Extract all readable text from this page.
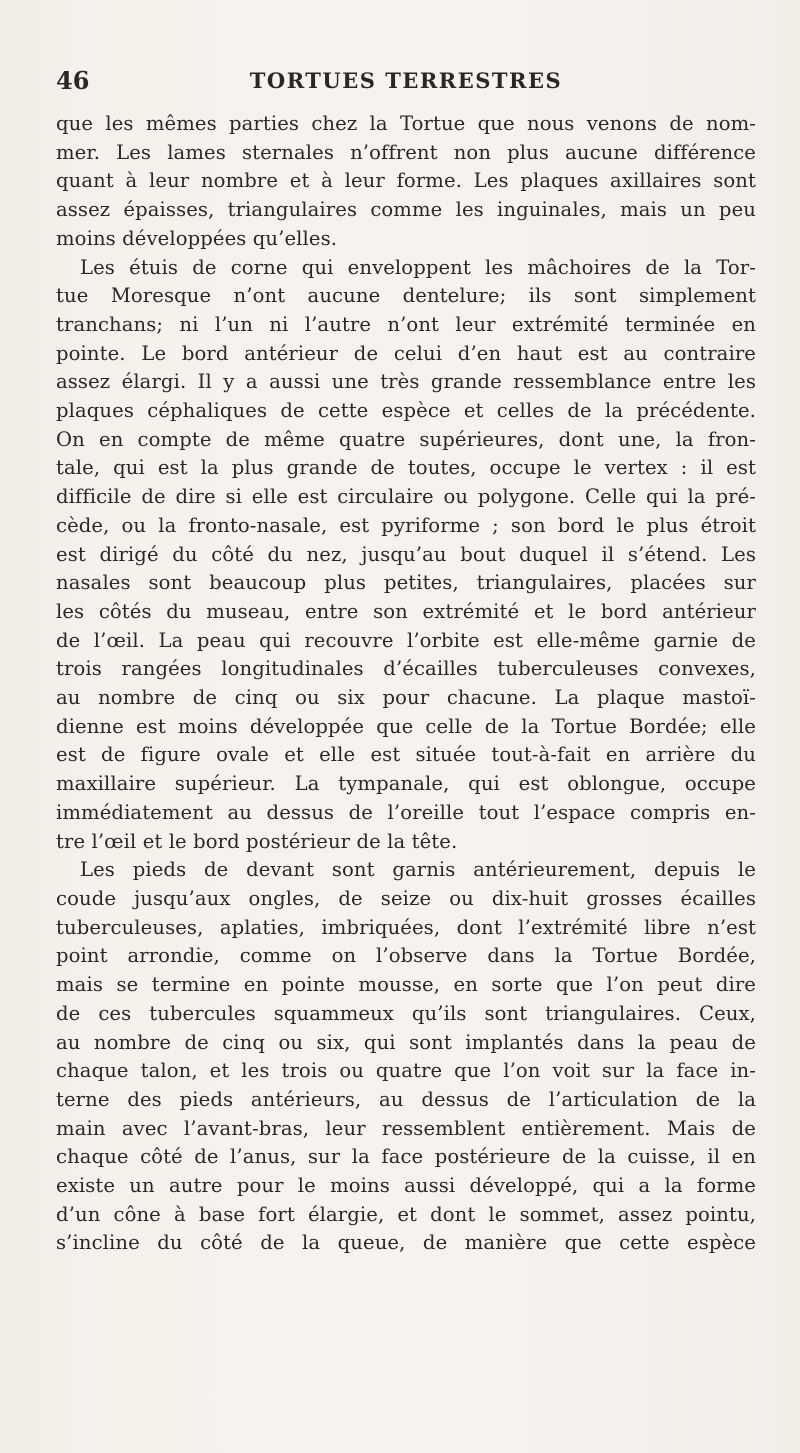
46	TORTUES TERRESTRES
que les mêmes parties chez la Tortue que nous venons de nom-
mer. Les lames sternales n’offrent non plus aucune différence
quant à leur nombre et à leur forme. Les plaques axillaires sont
assez épaisses, triangulaires comme les inguinales, mais un peu
moins développées qu’elles.
Les étuis de corne qui enveloppent les mâchoires de la Tor-
tue Moresque n’ont aucune dentelure; ils sont simplement
tranchans; ni l’un ni l’autre n’ont leur extrémité terminée en
pointe. Le bord antérieur de celui d’en haut est au contraire
assez élargi. Il y a aussi une très grande ressemblance entre les
plaques céphaliques de cette espèce et celles de la précédente.
On en compte de même quatre supérieures, dont une, la fron-
tale, qui est la plus grande de toutes, occupe le vertex : il est
difficile de dire si elle est circulaire ou polygone. Celle qui la pré-
cède, ou la fronto-nasale, est pyriforme ; son bord le plus étroit
est dirigé du côté du nez, jusqu’au bout duquel il s’étend. Les
nasales sont beaucoup plus petites, triangulaires, placées sur
les côtés du museau, entre son extrémité et le bord antérieur
de l’œil. La peau qui recouvre l’orbite est elle-même garnie de
trois rangées longitudinales d’écailles tuberculeuses convexes,
au nombre de cinq ou six pour chacune. La plaque mastoï-
dienne est moins développée que celle de la Tortue Bordée; elle
est de figure ovale et elle est située tout-à-fait en arrière du
maxillaire supérieur. La tympanale, qui est oblongue, occupe
immédiatement au dessus de l’oreille tout l’espace compris en-
tre l’œil et le bord postérieur de la tête.
Les pieds de devant sont garnis antérieurement, depuis le
coude jusqu’aux ongles, de seize ou dix-huit grosses écailles
tuberculeuses, aplaties, imbriquées, dont l’extrémité libre n’est
point arrondie, comme on l’observe dans la Tortue Bordée,
mais se termine en pointe mousse, en sorte que l’on peut dire
de ces tubercules squammeux qu’ils sont triangulaires. Ceux,
au nombre de cinq ou six, qui sont implantés dans la peau de
chaque talon, et les trois ou quatre que l’on voit sur la face in-
terne des pieds antérieurs, au dessus de l’articulation de la
main avec l’avant-bras, leur ressemblent entièrement. Mais de
chaque côté de l’anus, sur la face postérieure de la cuisse, il en
existe un autre pour le moins aussi développé, qui a la forme
d’un cône à base fort élargie, et dont le sommet, assez pointu,
s’incline du côté de la queue, de manière que cette espèce
